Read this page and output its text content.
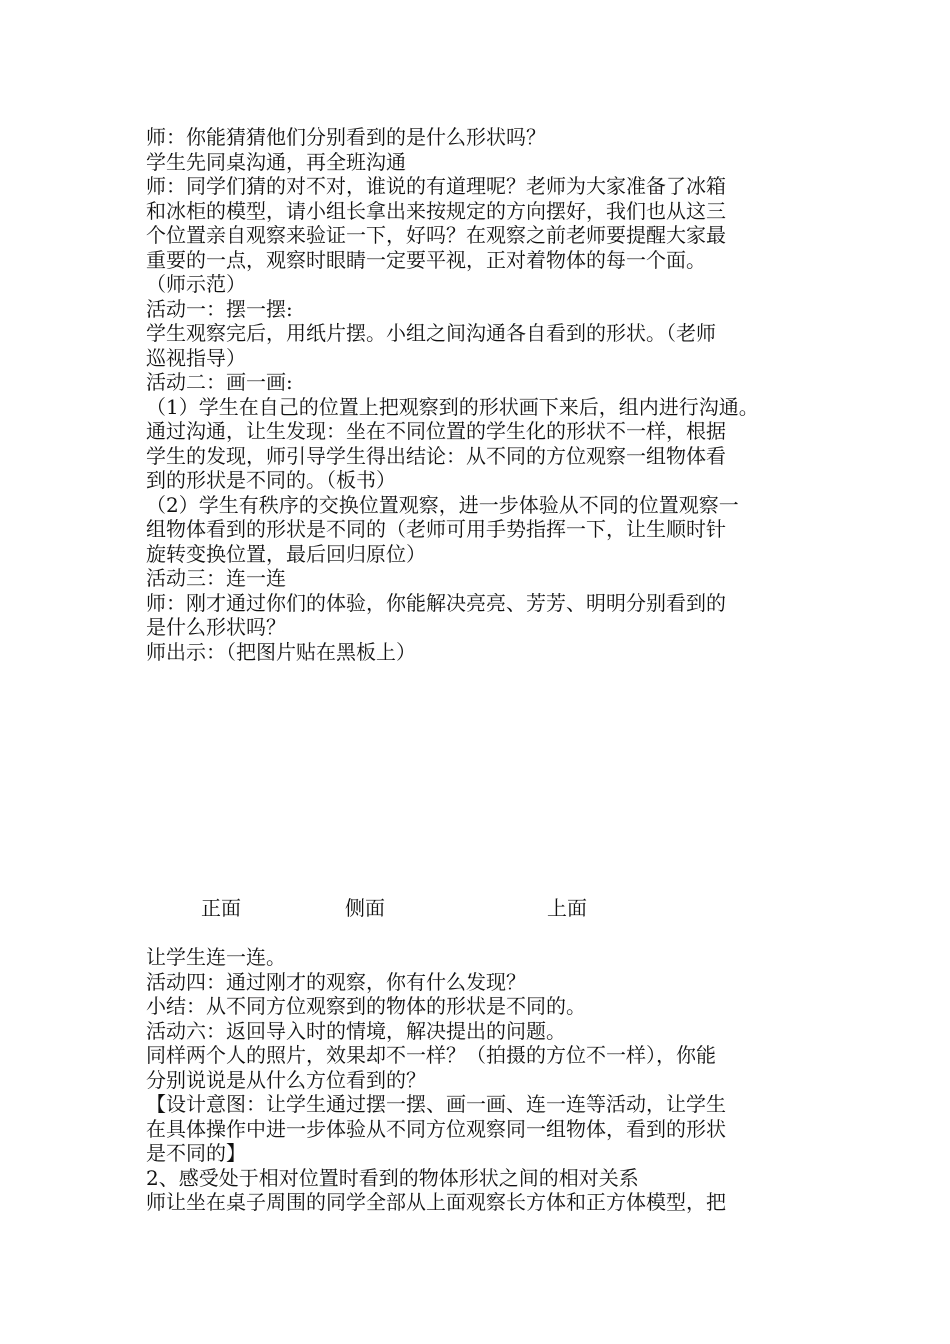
师：你能猜猜他们分别看到的是什么形状吗？
学生先同桌沟通，再全班沟通
师：同学们猜的对不对，谁说的有道理呢？老师为大家准备了冰箱
和冰柜的模型，请小组长拿出来按规定的方向摆好，我们也从这三
个位置亲自观察来验证一下，好吗？在观察之前老师要提醒大家最
重要的一点，观察时眼睛一定要平视，正对着物体的每一个面。
（师示范）
活动一：摆一摆:
学生观察完后，用纸片摆。小组之间沟通各自看到的形状。（老师
巡视指导）
活动二：画一画:
（1）学生在自己的位置上把观察到的形状画下来后，组内进行沟通。
通过沟通，让生发现：坐在不同位置的学生化的形状不一样，根据
学生的发现，师引导学生得出结论：从不同的方位观察一组物体看
到的形状是不同的。（板书）
（2）学生有秩序的交换位置观察，进一步体验从不同的位置观察一
组物体看到的形状是不同的（老师可用手势指挥一下，让生顺时针
旋转变换位置，最后回归原位）
活动三：连一连
师：刚才通过你们的体验，你能解决亮亮、芳芳、明明分别看到的
是什么形状吗？
师出示：（把图片贴在黑板上）
正面	侧面	上面
让学生连一连。
活动四：通过刚才的观察，你有什么发现？
小结：从不同方位观察到的物体的形状是不同的。
活动六：返回导入时的情境，解决提出的问题。
同样两个人的照片，效果却不一样？（拍摄的方位不一样），你能
分别说说是从什么方位看到的？
【设计意图：让学生通过摆一摆、画一画、连一连等活动，让学生
在具体操作中进一步体验从不同方位观察同一组物体，看到的形状
是不同的】
2、感受处于相对位置时看到的物体形状之间的相对关系
师让坐在桌子周围的同学全部从上面观察长方体和正方体模型，把
